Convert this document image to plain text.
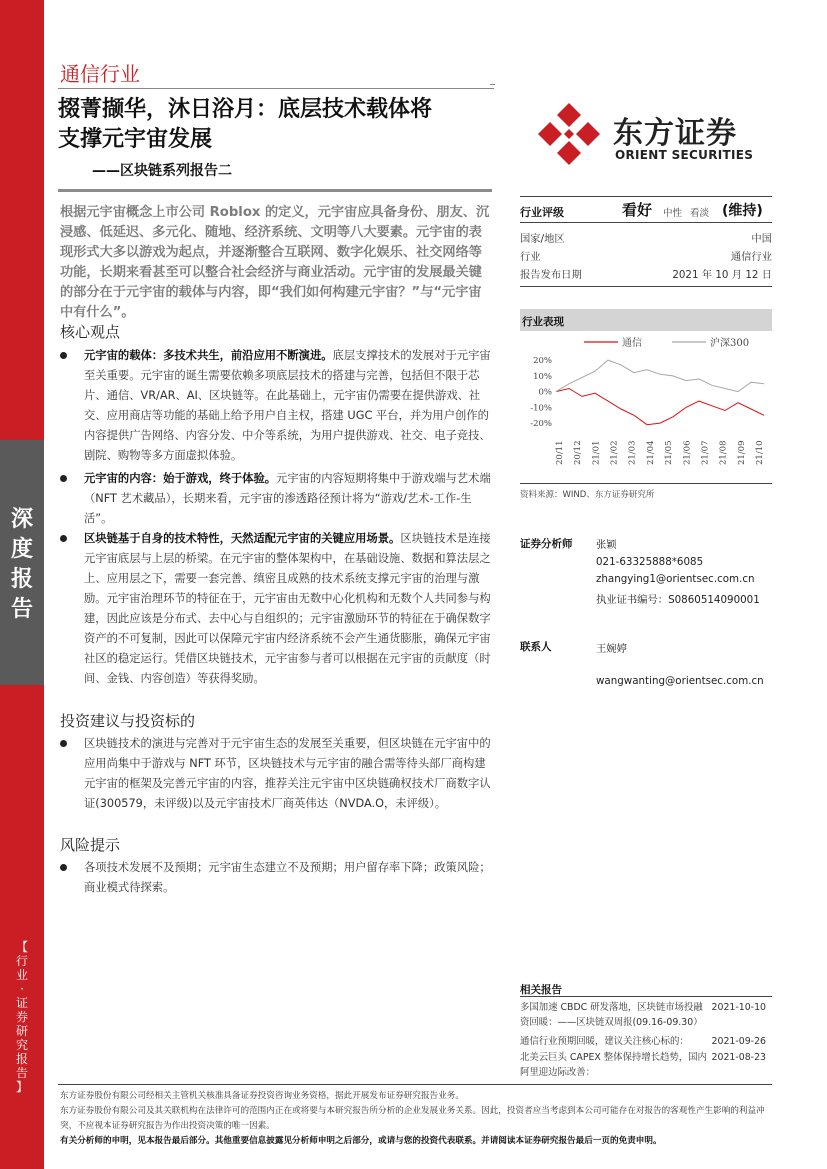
深
度
报
告
【
行
业
·
证
券
研
究
报
告
】
通信行业
掇菁撷华，沐日浴月：底层技术载体将
支撑元宇宙发展
——区块链系列报告二
东方证券
ORIENT SECURITIES
根据元宇宙概念上市公司 Roblox 的定义，元宇宙应具备身份、朋友、沉浸感、低延迟、多元化、随地、经济系统、文明等八大要素。元宇宙的表现形式大多以游戏为起点，并逐渐整合互联网、数字化娱乐、社交网络等功能，长期来看甚至可以整合社会经济与商业活动。元宇宙的发展最关键的部分在于元宇宙的载体与内容，即“我们如何构建元宇宙？”与“元宇宙中有什么”。
核心观点
元宇宙的载体：多技术共生，前沿应用不断演进。底层支撑技术的发展对于元宇宙至关重要。元宇宙的诞生需要依赖多项底层技术的搭建与完善，包括但不限于芯片、通信、VR/AR、AI、区块链等。在此基础上，元宇宙仍需要在提供游戏、社交、应用商店等功能的基础上给予用户自主权，搭建 UGC 平台，并为用户创作的内容提供广告网络、内容分发、中介等系统，为用户提供游戏、社交、电子竞技、剧院、购物等多方面虚拟体验。
元宇宙的内容：始于游戏，终于体验。元宇宙的内容短期将集中于游戏端与艺术端（NFT 艺术藏品），长期来看，元宇宙的渗透路径预计将为“游戏/艺术-工作-生活”。
区块链基于自身的技术特性，天然适配元宇宙的关键应用场景。区块链技术是连接元宇宙底层与上层的桥梁。在元宇宙的整体架构中，在基础设施、数据和算法层之上、应用层之下，需要一套完善、缜密且成熟的技术系统支撑元宇宙的治理与激励。元宇宙治理环节的特征在于，元宇宙由无数中心化机构和无数个人共同参与构建，因此应该是分布式、去中心与自组织的；元宇宙激励环节的特征在于确保数字资产的不可复制，因此可以保障元宇宙内经济系统不会产生通货膨胀，确保元宇宙社区的稳定运行。凭借区块链技术，元宇宙参与者可以根据在元宇宙的贡献度（时间、金钱、内容创造）等获得奖励。
投资建议与投资标的
区块链技术的演进与完善对于元宇宙生态的发展至关重要，但区块链在元宇宙中的应用尚集中于游戏与 NFT 环节，区块链技术与元宇宙的融合需等待头部厂商构建元宇宙的框架及完善元宇宙的内容，推荐关注元宇宙中区块链确权技术厂商数字认证(300579，未评级)以及元宇宙技术厂商英伟达（NVDA.O，未评级）。
风险提示
各项技术发展不及预期；元宇宙生态建立不及预期；用户留存率下降；政策风险；商业模式待探索。
行业评级	看好 中性 看淡 (维持)
国家/地区	中国
行业	通信行业
报告发布日期	2021 年 10 月 12 日
行业表现
通信	沪深300
20%
10%
0%
-10%
-20%
20/11 20/12 21/01 21/02 21/03 21/04 21/05 21/06 21/07 21/08 21/09 21/10
资料来源：WIND、东方证券研究所
证券分析师 张颖
021-63325888*6085
zhangying1@orientsec.com.cn
执业证书编号：S0860514090001
联系人	王婉婷
wangwanting@orientsec.com.cn
相关报告
多国加速 CBDC 研发落地，区块链市场投融资回暖：——区块链双周报(09.16-09.30）
2021-10-10
通信行业预期回暖，建议关注核心标的：	2021-09-26
北美云巨头 CAPEX 整体保持增长趋势，国内阿里迎边际改善：
2021-08-23
东方证券股份有限公司经相关主管机关核准具备证券投资咨询业务资格，据此开展发布证券研究报告业务。
东方证券股份有限公司及其关联机构在法律许可的范围内正在或将要与本研究报告所分析的企业发展业务关系。因此，投资者应当考虑到本公司可能存在对报告的客观性产生影响的利益冲突，不应视本证券研究报告为作出投资决策的唯一因素。
有关分析师的申明，见本报告最后部分。其他重要信息披露见分析师申明之后部分，或请与您的投资代表联系。并请阅读本证券研究报告最后一页的免责申明。
